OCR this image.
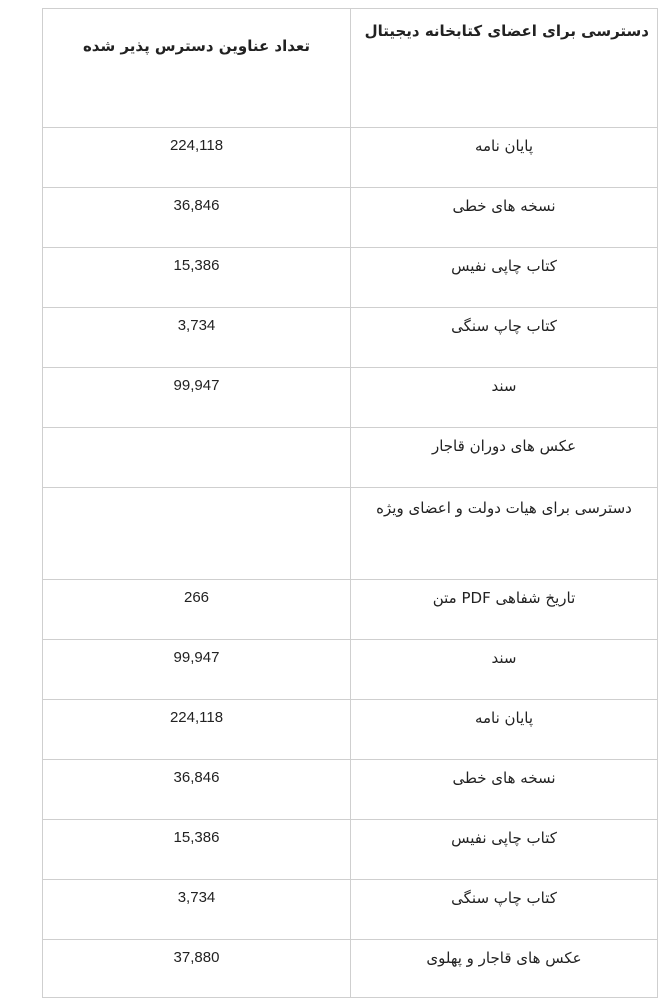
دسترسی برای اعضای کتابخانه دیجیتال	تعداد عناوین دسترس پذیر شده
پایان نامه	224,118
نسخه های خطی	36,846
کتاب چاپی نفیس	15,386
کتاب چاپ سنگی	3,734
سند	99,947
عکس های دوران قاجار	
دسترسی برای هیات دولت و اعضای ویژه	
تاریخ شفاهی PDF متن	266
سند	99,947
پایان نامه	224,118
نسخه های خطی	36,846
کتاب چاپی نفیس	15,386
کتاب چاپ سنگی	3,734
عکس های قاجار و پهلوی	37,880
